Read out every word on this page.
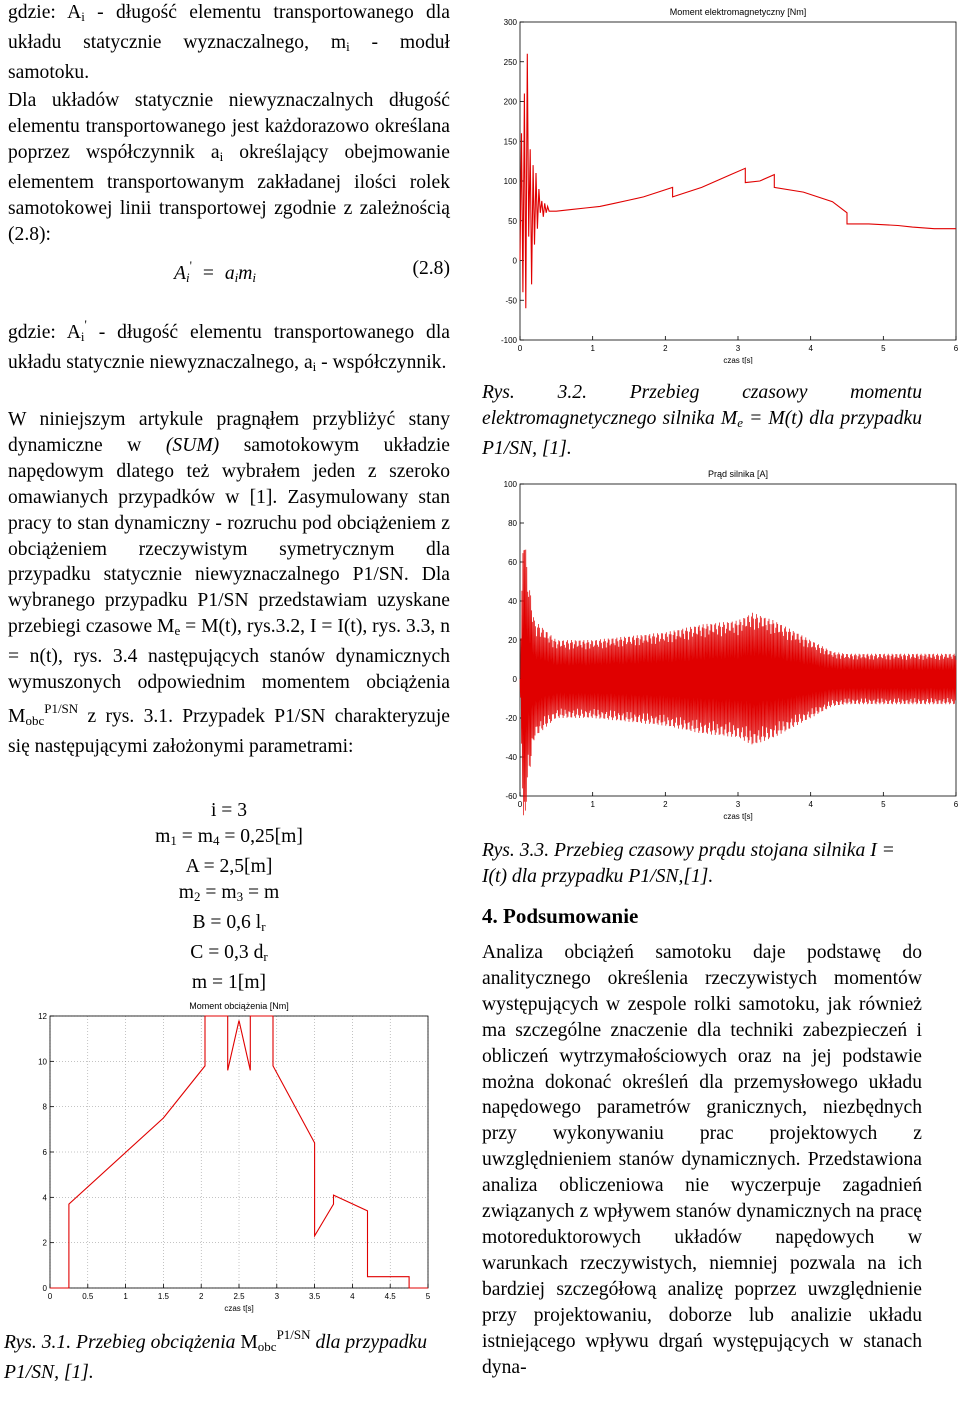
gdzie: $A_i$ - długość elementu transportowanego dla układu statycznie wyznaczalnego, $m_i$ - moduł samotoku.

Dla układów statycznie niewyznaczalnych długość elementu transportowanego jest każdorazowo określana poprzez współczynnik $a_i$ określający obejmowanie elementem transportowanym zakładanej ilości rolek samotokowej linii transportowej zgodnie z zależnością (2.8):

$A_i' = a_im_i$	(2.8)

gdzie: $A_i'$ - długość elementu transportowanego dla układu statycznie niewyznaczalnego, $a_i$ - współczynnik.

W niniejszym artykule pragnąłem przybliżyć stany dynamiczne w (SUM) samotokowym układzie napędowym dlatego też wybrałem jeden z szeroko omawianych przypadków w [1]. Zasymulowany stan pracy to stan dynamiczny - rozruchu pod obciążeniem z obciążeniem rzeczywistym symetrycznym dla przypadku statycznie niewyznaczalnego P1/SN. Dla wybranego przypadku P1/SN przedstawiam uzyskane przebiegi czasowe $M_e = M(t)$, rys.3.2, I = I(t), rys. 3.3, n = n(t), rys. 3.4 następujących stanów dynamicznych wymuszonych odpowiednim momentem obciążenia $M_{obc}^{P1/SN}$ z rys. 3.1. Przypadek P1/SN charakteryzuje się następującymi założonymi parametrami:

i = 3
$m_1 = m_4 = 0,25[m]$
A = 2,5[m]
$m_2 = m_3 = m$
B = 0,6 $l_r$
C = 0,3 $d_r$
m = 1[m]
Moment obciążenia [Nm]
0	0.5	1	1.5	2	2.5	3	3.5	4	4.5	5
0
2
4
6
8
10
12
czas t[s]
Rys. 3.1. Przebieg obciążenia $M_{obc}^{P1/SN}$ dla przypadku P1/SN, [1].
Moment elektromagnetyczny [Nm]
0	1	2	3	4	5	6
-100
-50
0
50
100
150
200
250
300
czas t[s]
Rys. 3.2. Przebieg czasowy momentu elektromagnetycznego silnika $M_e = M(t)$ dla przypadku P1/SN, [1].
Prąd silnika [A]
0	1	2	3	4	5	6
-60
-40
-20
0
20
40
60
80
100
czas t[s]
Rys. 3.3. Przebieg czasowy prądu stojana silnika I = I(t) dla przypadku P1/SN,[1].
4. Podsumowanie

Analiza obciążeń samotoku daje podstawę do analitycznego określenia rzeczywistych momentów występujących w zespole rolki samotoku, jak również ma szczególne znaczenie dla techniki zabezpieczeń i obliczeń wytrzymałościowych oraz na jej podstawie można dokonać określeń dla przemysłowego układu napędowego parametrów granicznych, niezbędnych przy wykonywaniu prac projektowych z uwzględnieniem stanów dynamicznych. Przedstawiona analiza obliczeniowa nie wyczerpuje zagadnień związanych z wpływem stanów dynamicznych na pracę motoreduktorowych układów napędowych w warunkach rzeczywistych, niemniej pozwala na ich bardziej szczegółową analizę poprzez uwzględnienie przy projektowaniu, doborze lub analizie układu istniejącego wpływu drgań występujących w stanach dyna-
